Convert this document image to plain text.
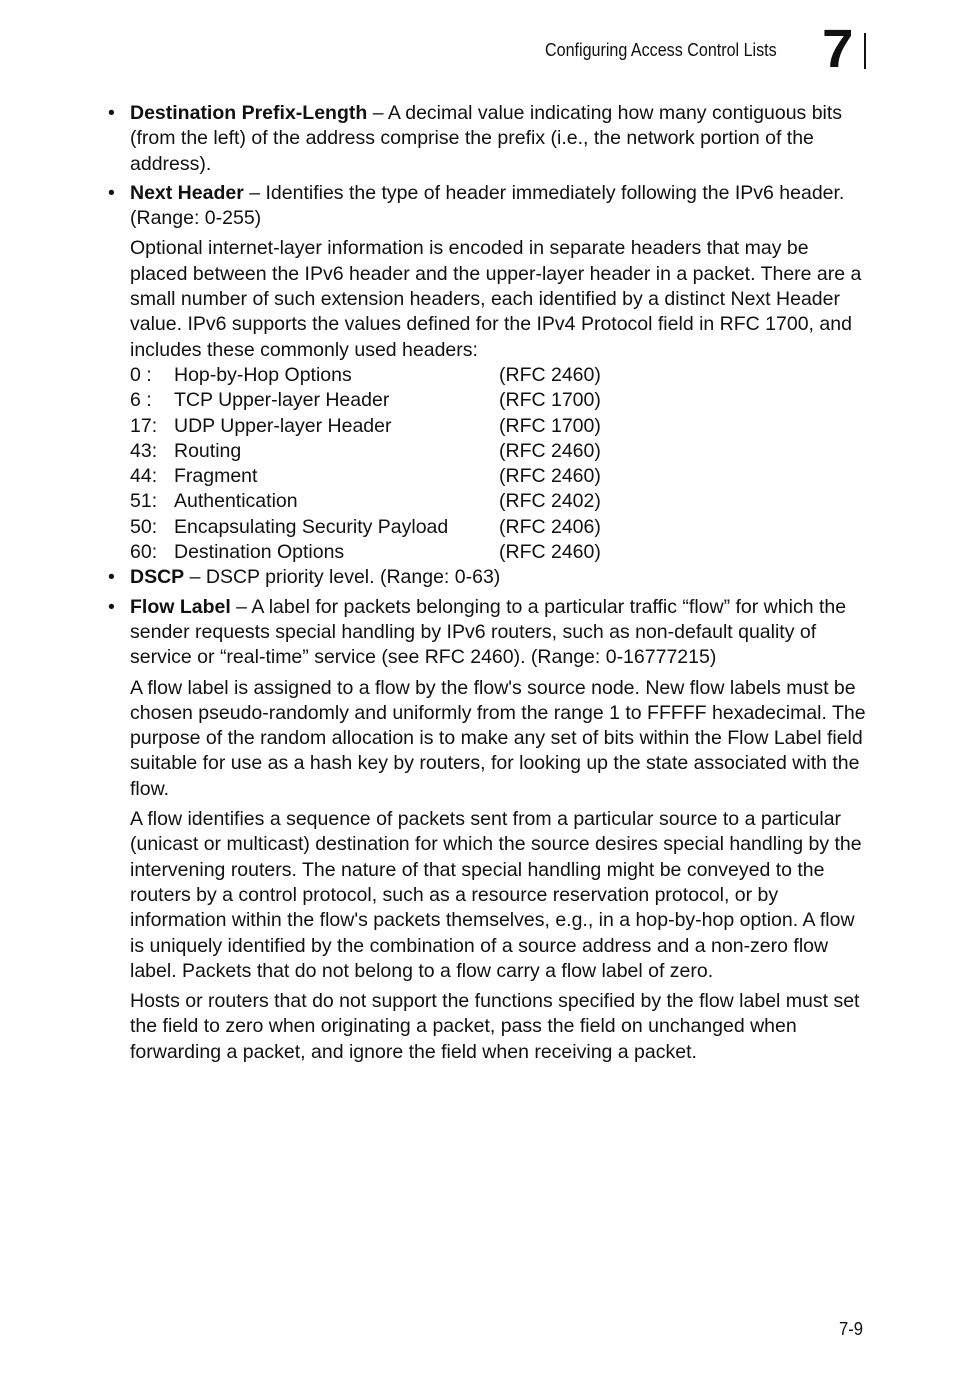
Configuring Access Control Lists 7
• Destination Prefix-Length – A decimal value indicating how many contiguous bits (from the left) of the address comprise the prefix (i.e., the network portion of the address).
• Next Header – Identifies the type of header immediately following the IPv6 header. (Range: 0-255)
Optional internet-layer information is encoded in separate headers that may be placed between the IPv6 header and the upper-layer header in a packet. There are a small number of such extension headers, each identified by a distinct Next Header value. IPv6 supports the values defined for the IPv4 Protocol field in RFC 1700, and includes these commonly used headers:
0 :	Hop-by-Hop Options	(RFC 2460)
6 :	TCP Upper-layer Header	(RFC 1700)
17:	UDP Upper-layer Header	(RFC 1700)
43:	Routing	(RFC 2460)
44:	Fragment	(RFC 2460)
51:	Authentication	(RFC 2402)
50:	Encapsulating Security Payload	(RFC 2406)
60:	Destination Options	(RFC 2460)
• DSCP – DSCP priority level. (Range: 0-63)
• Flow Label – A label for packets belonging to a particular traffic “flow” for which the sender requests special handling by IPv6 routers, such as non-default quality of service or “real-time” service (see RFC 2460). (Range: 0-16777215)
A flow label is assigned to a flow by the flow's source node. New flow labels must be chosen pseudo-randomly and uniformly from the range 1 to FFFFF hexadecimal. The purpose of the random allocation is to make any set of bits within the Flow Label field suitable for use as a hash key by routers, for looking up the state associated with the flow.
A flow identifies a sequence of packets sent from a particular source to a particular (unicast or multicast) destination for which the source desires special handling by the intervening routers. The nature of that special handling might be conveyed to the routers by a control protocol, such as a resource reservation protocol, or by information within the flow's packets themselves, e.g., in a hop-by-hop option. A flow is uniquely identified by the combination of a source address and a non-zero flow label. Packets that do not belong to a flow carry a flow label of zero.
Hosts or routers that do not support the functions specified by the flow label must set the field to zero when originating a packet, pass the field on unchanged when forwarding a packet, and ignore the field when receiving a packet.
7-9
